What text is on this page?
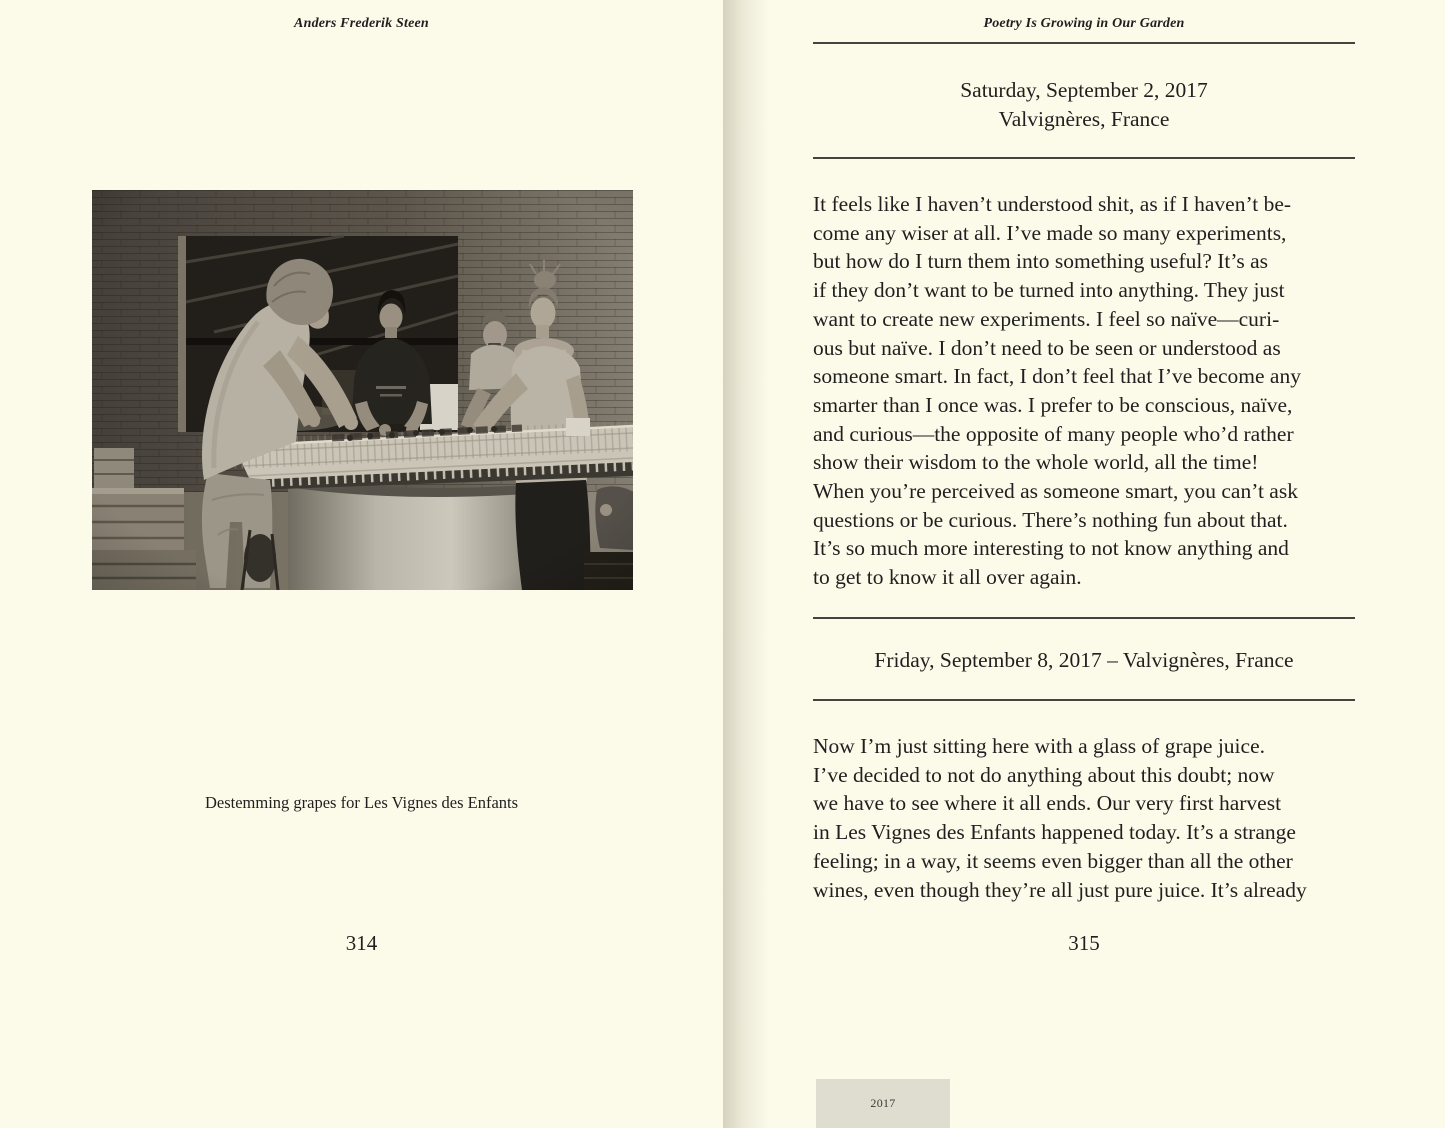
Anders Frederik Steen
Destemming grapes for Les Vignes des Enfants
314
Poetry Is Growing in Our Garden
Saturday, September 2, 2017
Valvignères, France
It feels like I haven’t understood shit, as if I haven’t be-
come any wiser at all. I’ve made so many experiments,
but how do I turn them into something useful? It’s as
if they don’t want to be turned into anything. They just
want to create new experiments. I feel so naïve—curi-
ous but naïve. I don’t need to be seen or understood as
someone smart. In fact, I don’t feel that I’ve become any
smarter than I once was. I prefer to be conscious, naïve,
and curious—the opposite of many people who’d rather
show their wisdom to the whole world, all the time!
When you’re perceived as someone smart, you can’t ask
questions or be curious. There’s nothing fun about that.
It’s so much more interesting to not know anything and
to get to know it all over again.
Friday, September 8, 2017 – Valvignères, France
Now I’m just sitting here with a glass of grape juice.
I’ve decided to not do anything about this doubt; now
we have to see where it all ends. Our very first harvest
in Les Vignes des Enfants happened today. It’s a strange
feeling; in a way, it seems even bigger than all the other
wines, even though they’re all just pure juice. It’s already
315
2017
